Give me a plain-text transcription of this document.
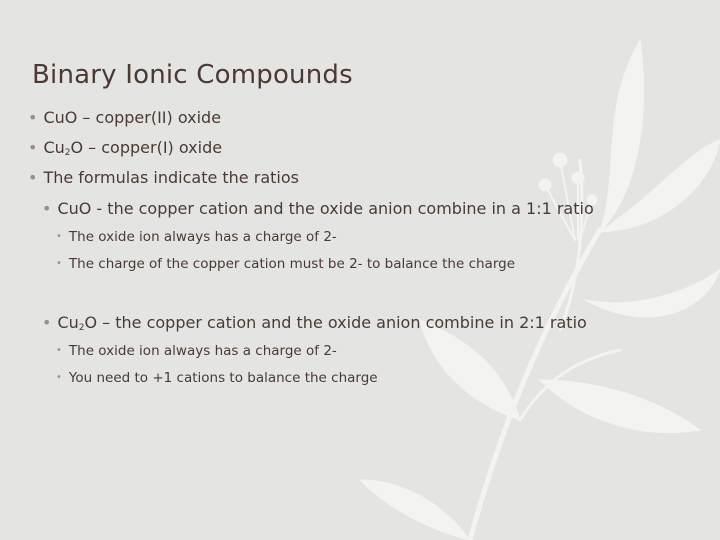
Binary Ionic Compounds
• CuO – copper(II) oxide
• $Cu_2O$ – copper(I) oxide
• The formulas indicate the ratios
• CuO - the copper cation and the oxide anion combine in a 1:1 ratio
• The oxide ion always has a charge of 2-
• The charge of the copper cation must be 2- to balance the charge
• $Cu_2O$ – the copper cation and the oxide anion combine in 2:1 ratio
• The oxide ion always has a charge of 2-
• You need to +1 cations to balance the charge
